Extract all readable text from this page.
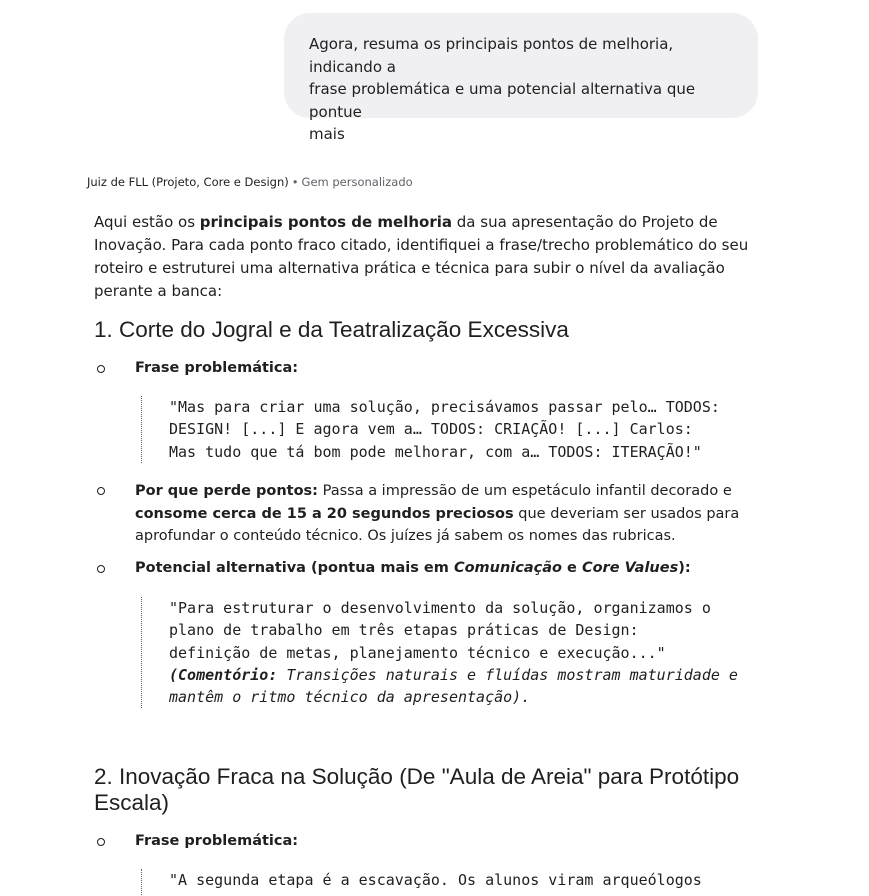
Agora, resuma os principais pontos de melhoria, indicando a
frase problemática e uma potencial alternativa que pontue
mais
Juiz de FLL (Projeto, Core e Design) • Gem personalizado
Aqui estão os principais pontos de melhoria da sua apresentação do Projeto de Inovação. Para cada ponto fraco citado, identifiquei a frase/trecho problemático do seu roteiro e estruturei uma alternativa prática e técnica para subir o nível da avaliação perante a banca:
1. Corte do Jogral e da Teatralização Excessiva
Frase problemática:
"Mas para criar uma solução, precisávamos passar pelo… TODOS:
DESIGN! [...] E agora vem a… TODOS: CRIAÇÃO! [...] Carlos:
Mas tudo que tá bom pode melhorar, com a… TODOS: ITERAÇÃO!"
Por que perde pontos: Passa a impressão de um espetáculo infantil decorado e consome cerca de 15 a 20 segundos preciosos que deveriam ser usados para aprofundar o conteúdo técnico. Os juízes já sabem os nomes das rubricas.
Potencial alternativa (pontua mais em Comunicação e Core Values):
"Para estruturar o desenvolvimento da solução, organizamos o
plano de trabalho em três etapas práticas de Design:
definição de metas, planejamento técnico e execução..."
(Comentório: Transições naturais e fluídas mostram maturidade e
mantêm o ritmo técnico da apresentação).
2. Inovação Fraca na Solução (De "Aula de Areia" para Protótipo
Escala)
Frase problemática:
"A segunda etapa é a escavação. Os alunos viram arqueólogos
